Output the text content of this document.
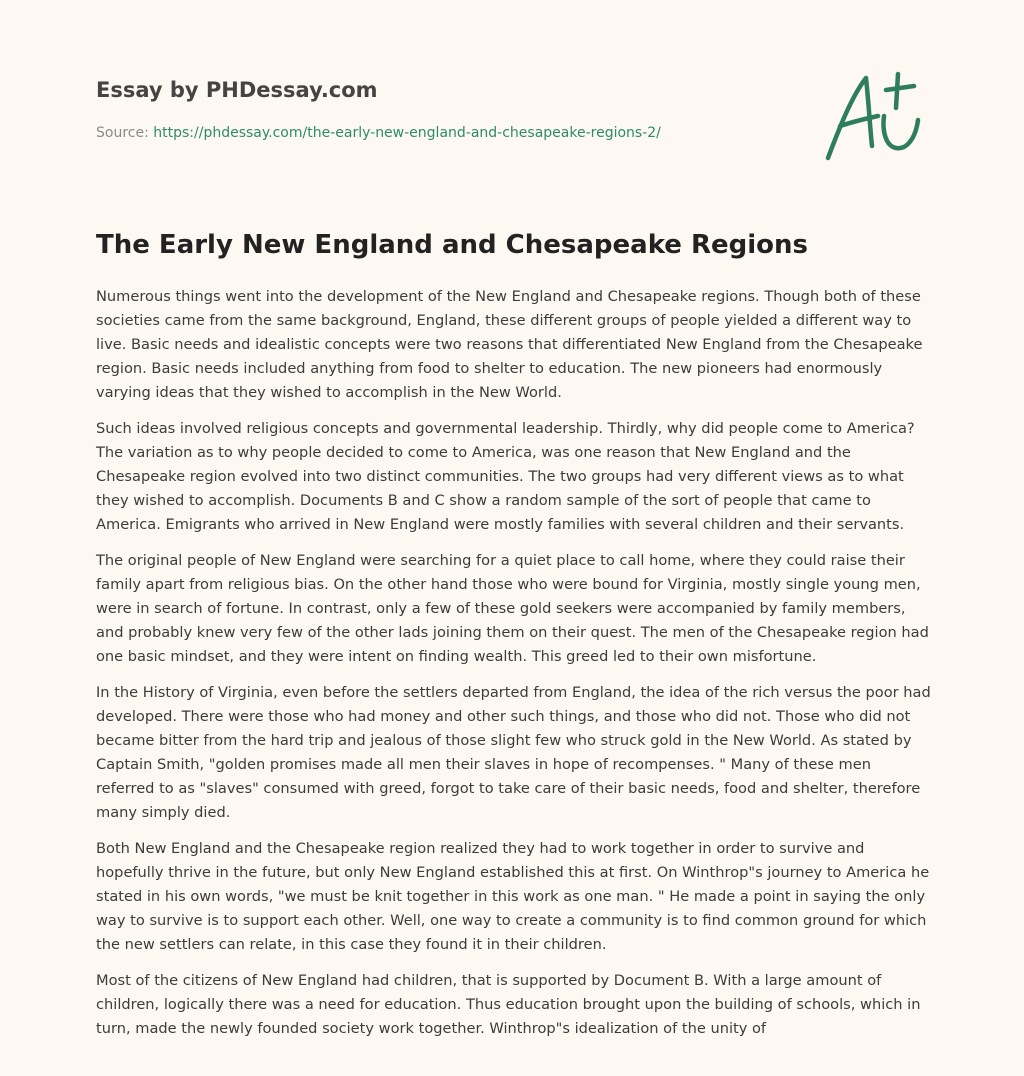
Essay by PHDessay.com
Source: https://phdessay.com/the-early-new-england-and-chesapeake-regions-2/
The Early New England and Chesapeake Regions

Numerous things went into the development of the New England and Chesapeake regions. Though both of these societies came from the same background, England, these different groups of people yielded a different way to live. Basic needs and idealistic concepts were two reasons that differentiated New England from the Chesapeake region. Basic needs included anything from food to shelter to education. The new pioneers had enormously varying ideas that they wished to accomplish in the New World.

Such ideas involved religious concepts and governmental leadership. Thirdly, why did people come to America? The variation as to why people decided to come to America, was one reason that New England and the Chesapeake region evolved into two distinct communities. The two groups had very different views as to what they wished to accomplish. Documents B and C show a random sample of the sort of people that came to America. Emigrants who arrived in New England were mostly families with several children and their servants.

The original people of New England were searching for a quiet place to call home, where they could raise their family apart from religious bias. On the other hand those who were bound for Virginia, mostly single young men, were in search of fortune. In contrast, only a few of these gold seekers were accompanied by family members, and probably knew very few of the other lads joining them on their quest. The men of the Chesapeake region had one basic mindset, and they were intent on finding wealth. This greed led to their own misfortune.

In the History of Virginia, even before the settlers departed from England, the idea of the rich versus the poor had developed. There were those who had money and other such things, and those who did not. Those who did not became bitter from the hard trip and jealous of those slight few who struck gold in the New World. As stated by Captain Smith, "golden promises made all men their slaves in hope of recompenses. " Many of these men referred to as "slaves" consumed with greed, forgot to take care of their basic needs, food and shelter, therefore many simply died.

Both New England and the Chesapeake region realized they had to work together in order to survive and hopefully thrive in the future, but only New England established this at first. On Winthrop"s journey to America he stated in his own words, "we must be knit together in this work as one man. " He made a point in saying the only way to survive is to support each other. Well, one way to create a community is to find common ground for which the new settlers can relate, in this case they found it in their children.

Most of the citizens of New England had children, that is supported by Document B. With a large amount of children, logically there was a need for education. Thus education brought upon the building of schools, which in turn, made the newly founded society work together. Winthrop"s idealization of the unity of
